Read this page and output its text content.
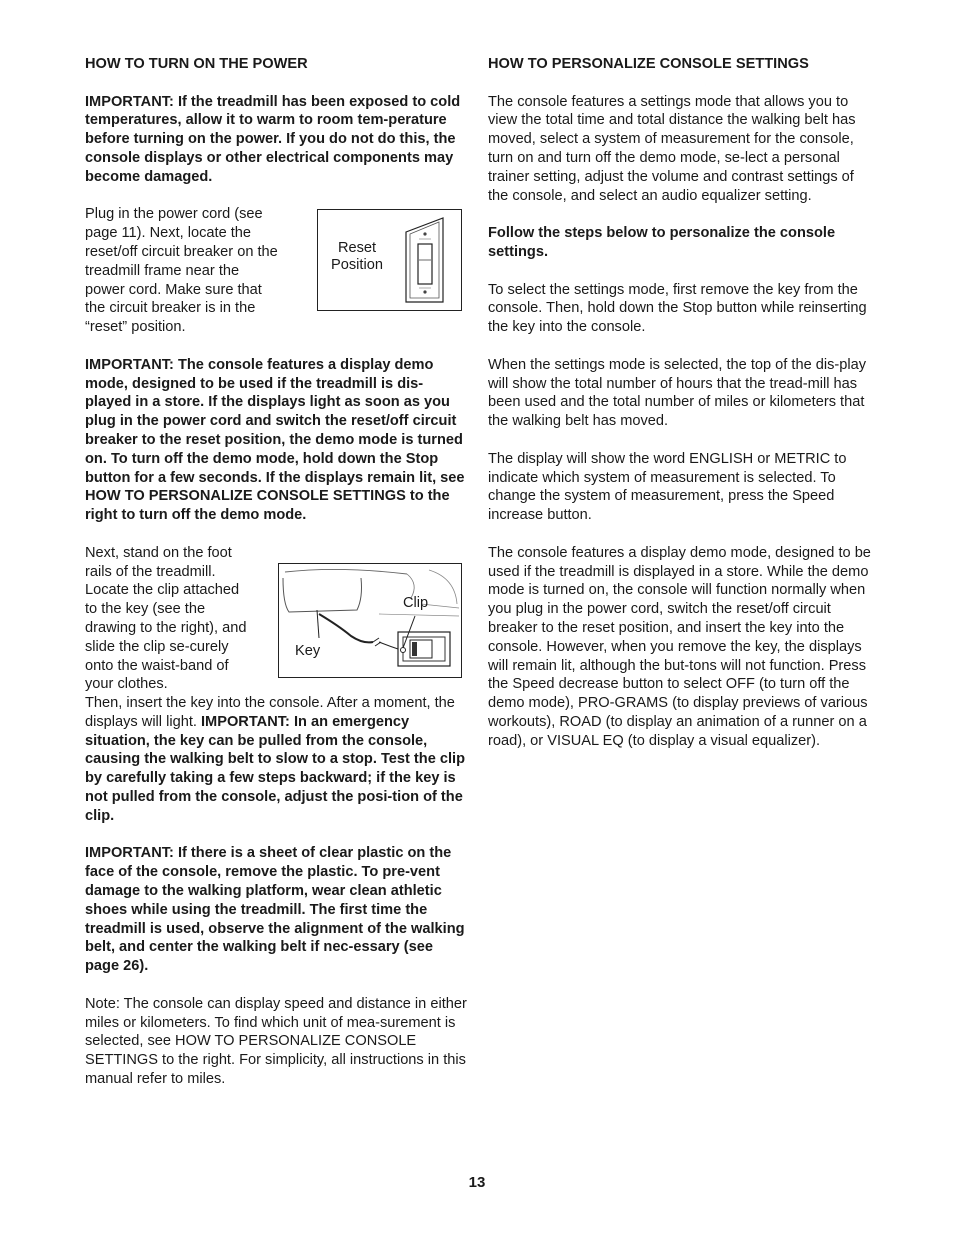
HOW TO TURN ON THE POWER

IMPORTANT: If the treadmill has been exposed to cold temperatures, allow it to warm to room tem-perature before turning on the power. If you do not do this, the console displays or other electrical components may become damaged.

Plug in the power cord (see page 11). Next, locate the reset/off circuit breaker on the treadmill frame near the power cord. Make sure that the circuit breaker is in the “reset” position.

IMPORTANT: The console features a display demo mode, designed to be used if the treadmill is dis-played in a store. If the displays light as soon as you plug in the power cord and switch the reset/off circuit breaker to the reset position, the demo mode is turned on. To turn off the demo mode, hold down the Stop button for a few seconds. If the displays remain lit, see HOW TO PERSONALIZE CONSOLE SETTINGS to the right to turn off the demo mode.

Next, stand on the foot rails of the treadmill. Locate the clip attached to the key (see the drawing to the right), and slide the clip se-curely onto the waist-band of your clothes.

Then, insert the key into the console. After a moment, the displays will light. IMPORTANT: In an emergency situation, the key can be pulled from the console, causing the walking belt to slow to a stop. Test the clip by carefully taking a few steps backward; if the key is not pulled from the console, adjust the posi-tion of the clip.

IMPORTANT: If there is a sheet of clear plastic on the face of the console, remove the plastic. To pre-vent damage to the walking platform, wear clean athletic shoes while using the treadmill. The first time the treadmill is used, observe the alignment of the walking belt, and center the walking belt if nec-essary (see page 26).

Note: The console can display speed and distance in either miles or kilometers. To find which unit of mea-surement is selected, see HOW TO PERSONALIZE CONSOLE SETTINGS to the right. For simplicity, all instructions in this manual refer to miles.

Reset
Position
Clip
Key

HOW TO PERSONALIZE CONSOLE SETTINGS

The console features a settings mode that allows you to view the total time and total distance the walking belt has moved, select a system of measurement for the console, turn on and turn off the demo mode, se-lect a personal trainer setting, adjust the volume and contrast settings of the console, and select an audio equalizer setting.

Follow the steps below to personalize the console settings.

To select the settings mode, first remove the key from the console. Then, hold down the Stop button while reinserting the key into the console.

When the settings mode is selected, the top of the dis-play will show the total number of hours that the tread-mill has been used and the total number of miles or kilometers that the walking belt has moved.

The display will show the word ENGLISH or METRIC to indicate which system of measurement is selected. To change the system of measurement, press the Speed increase button.

The console features a display demo mode, designed to be used if the treadmill is displayed in a store. While the demo mode is turned on, the console will function normally when you plug in the power cord, switch the reset/off circuit breaker to the reset position, and insert the key into the console. However, when you remove the key, the displays will remain lit, although the but-tons will not function. Press the Speed decrease button to select OFF (to turn off the demo mode), PRO-GRAMS (to display previews of various workouts), ROAD (to display an animation of a runner on a road), or VISUAL EQ (to display a visual equalizer).

13
